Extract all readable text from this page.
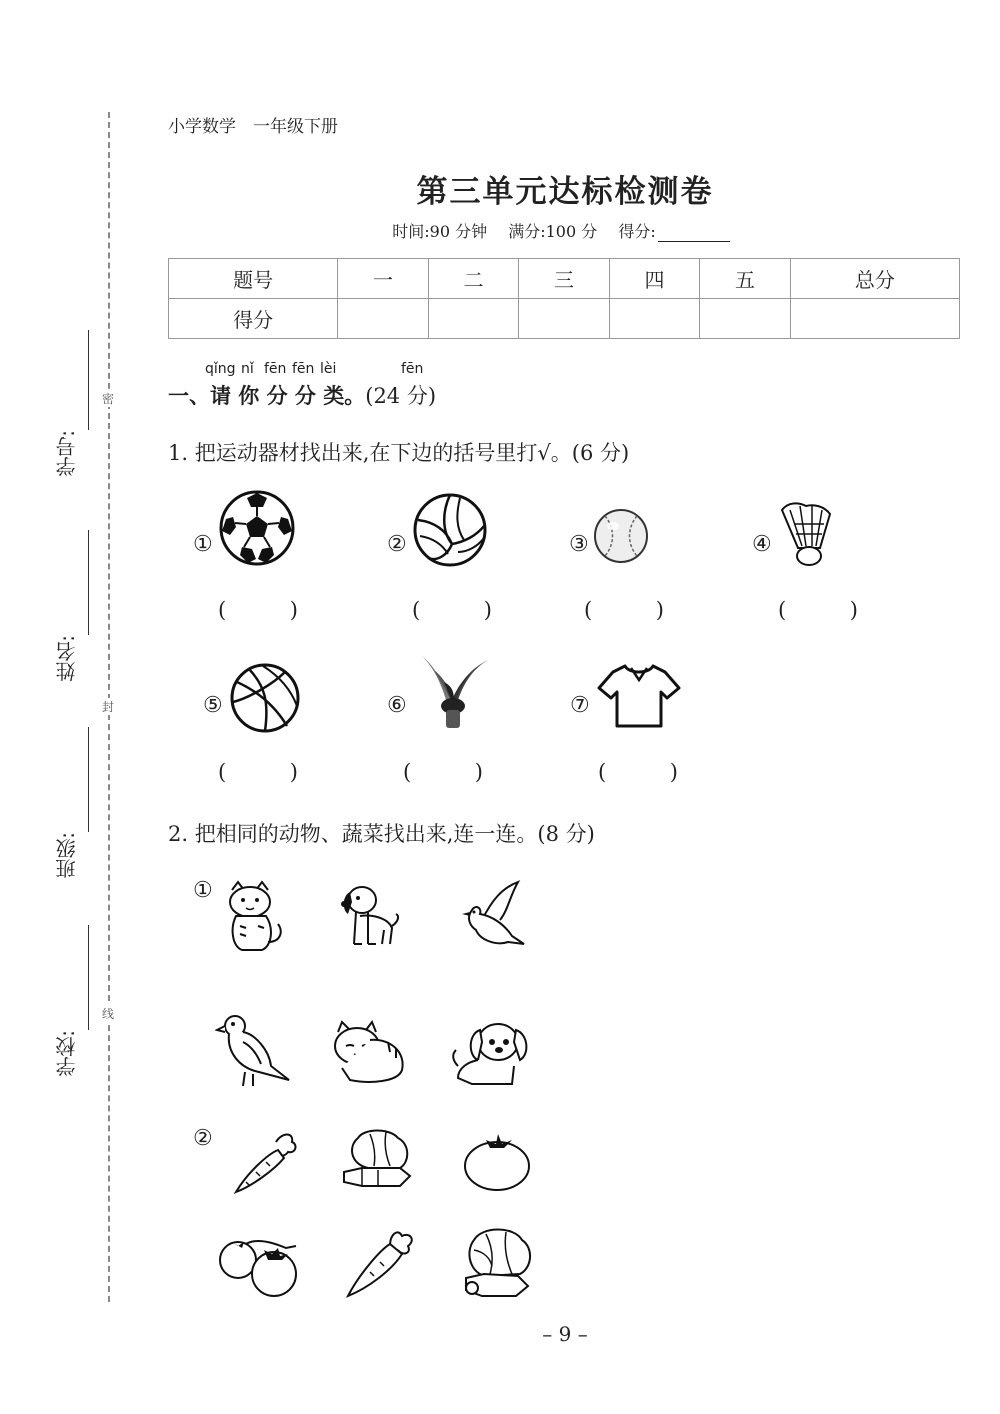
密
封
线
学号:
姓名:
班级:
学校:
小学数学　一年级下册
第三单元达标检测卷
时间:90 分钟 满分:100 分 得分:
题号	一	二	三	四	五	总分
得分						
qǐng nǐ fēn fēn lèi	fēn
一、请 你 分 分 类。(24 分)
1. 把运动器材找出来,在下边的括号里打√。(6 分)
①	②	③	④
⑤	⑥	⑦
(	)	(	)	(	)	(	)
(	)	(	)	(	)
2. 把相同的动物、蔬菜找出来,连一连。(8 分)
①
②
– 9 –
